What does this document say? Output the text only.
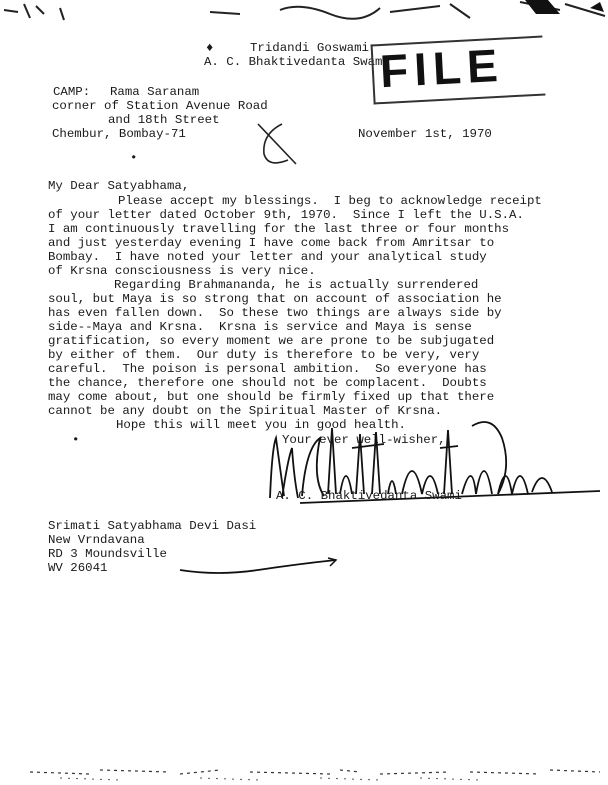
♦	Tridandi Goswami
A. C. Bhaktivedanta Swami
FILE
CAMP: Rama Saranam
corner of Station Avenue Road
and 18th Street
Chembur, Bombay-71
•
November 1st, 1970
My Dear Satyabhama,
Please accept my blessings.  I beg to acknowledge receipt
of your letter dated October 9th, 1970.  Since I left the U.S.A.
I am continuously travelling for the last three or four months
and just yesterday evening I have come back from Amritsar to
Bombay.  I have noted your letter and your analytical study
of Krsna consciousness is very nice.
Regarding Brahmananda, he is actually surrendered
soul, but Maya is so strong that on account of association he
has even fallen down.  So these two things are always side by
side--Maya and Krsna.  Krsna is service and Maya is sense
gratification, so every moment we are prone to be subjugated
by either of them.  Our duty is therefore to be very, very
careful.  The poison is personal ambition.  So everyone has
the chance, therefore one should not be complacent.  Doubts
may come about, but one should be firmly fixed up that there
cannot be any doubt on the Spiritual Master of Krsna.
Hope this will meet you in good health.
Your ever well-wisher,
•
A. C. Bhaktivedanta Swami
Srimati Satyabhama Devi Dasi
New Vrndavana
RD 3 Moundsville
WV 26041
